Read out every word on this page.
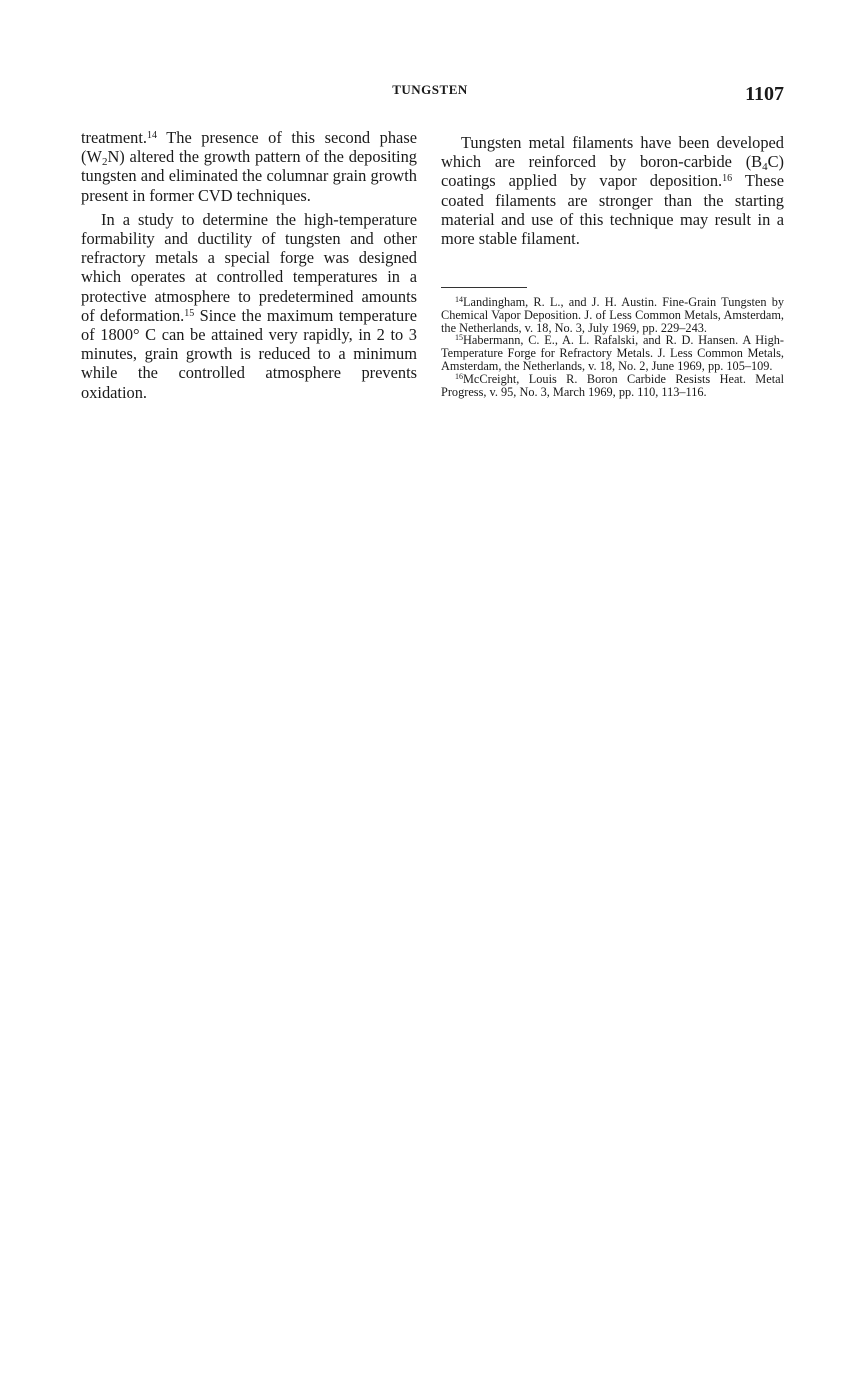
TUNGSTEN	1107

treatment.$^{14}$ The presence of this second phase $(W_2N)$ altered the growth pattern of the depositing tungsten and eliminated the columnar grain growth present in former CVD techniques.

In a study to determine the high-temperature formability and ductility of tungsten and other refractory metals a special forge was designed which operates at controlled temperatures in a protective atmosphere to predetermined amounts of deformation.$^{15}$ Since the maximum temperature of 1800° C can be attained very rapidly, in 2 to 3 minutes, grain growth is reduced to a minimum while the controlled atmosphere prevents oxidation.

Tungsten metal filaments have been developed which are reinforced by boron-carbide $(B_4C)$ coatings applied by vapor deposition.$^{16}$ These coated filaments are stronger than the starting material and use of this technique may result in a more stable filament.

$^{14}$Landingham, R. L., and J. H. Austin. Fine-Grain Tungsten by Chemical Vapor Deposition. J. of Less Common Metals, Amsterdam, the Netherlands, v. 18, No. 3, July 1969, pp. 229–243.

$^{15}$Habermann, C. E., A. L. Rafalski, and R. D. Hansen. A High-Temperature Forge for Refractory Metals. J. Less Common Metals, Amsterdam, the Netherlands, v. 18, No. 2, June 1969, pp. 105–109.

$^{16}$McCreight, Louis R. Boron Carbide Resists Heat. Metal Progress, v. 95, No. 3, March 1969, pp. 110, 113–116.
